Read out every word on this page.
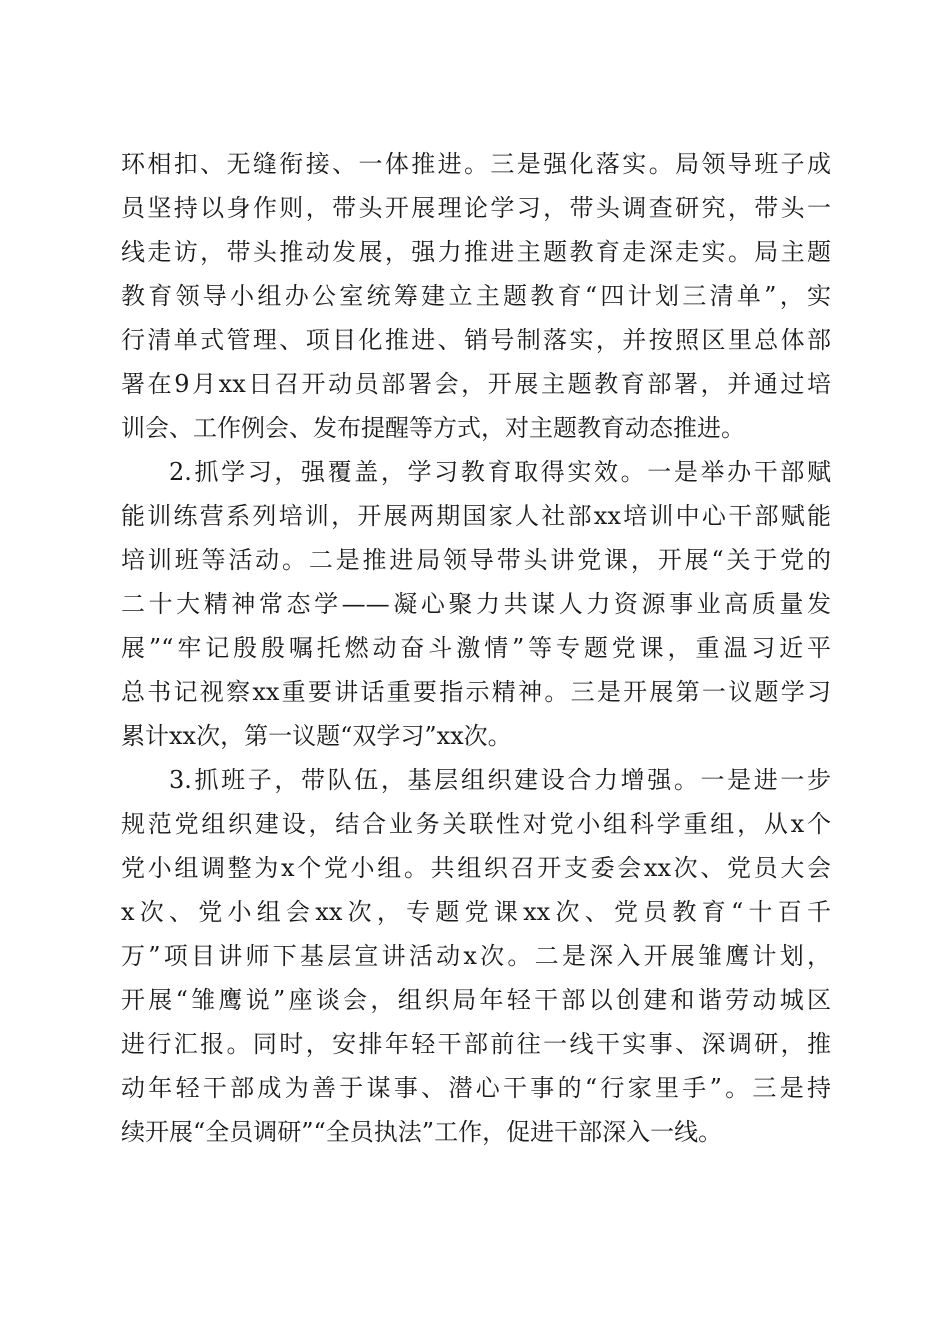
环相扣、无缝衔接、一体推进。三是强化落实。局领导班子成
员坚持以身作则，带头开展理论学习，带头调查研究，带头一
线走访，带头推动发展，强力推进主题教育走深走实。局主题
教育领导小组办公室统筹建立主题教育“四计划三清单”，实
行清单式管理、项目化推进、销号制落实，并按照区里总体部
署在9月xx日召开动员部署会，开展主题教育部署，并通过培
训会、工作例会、发布提醒等方式，对主题教育动态推进。
2.抓学习，强覆盖，学习教育取得实效。一是举办干部赋
能训练营系列培训，开展两期国家人社部xx培训中心干部赋能
培训班等活动。二是推进局领导带头讲党课，开展“关于党的
二十大精神常态学——凝心聚力共谋人力资源事业高质量发
展”“牢记殷殷嘱托燃动奋斗激情”等专题党课，重温习近平
总书记视察xx重要讲话重要指示精神。三是开展第一议题学习
累计xx次，第一议题“双学习”xx次。
3.抓班子，带队伍，基层组织建设合力增强。一是进一步
规范党组织建设，结合业务关联性对党小组科学重组，从x个
党小组调整为x个党小组。共组织召开支委会xx次、党员大会
x次、党小组会xx次，专题党课xx次、党员教育“十百千
万”项目讲师下基层宣讲活动x次。二是深入开展雏鹰计划，
开展“雏鹰说”座谈会，组织局年轻干部以创建和谐劳动城区
进行汇报。同时，安排年轻干部前往一线干实事、深调研，推
动年轻干部成为善于谋事、潜心干事的“行家里手”。三是持
续开展“全员调研”“全员执法”工作，促进干部深入一线。
